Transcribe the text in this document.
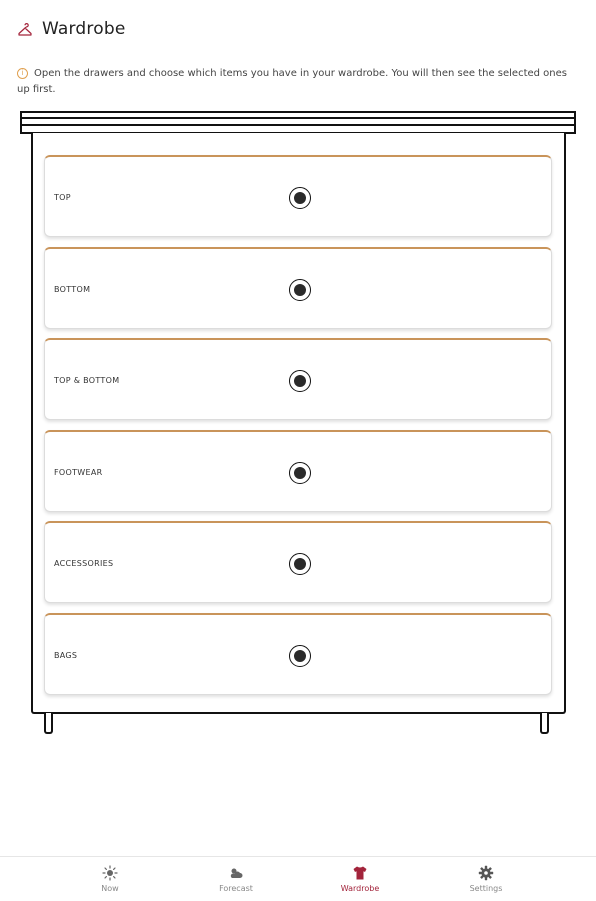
Wardrobe
i Open the drawers and choose which items you have in your wardrobe. You will then see the selected ones up first.
TOP
BOTTOM
TOP & BOTTOM
FOOTWEAR
ACCESSORIES
BAGS
Now	Forecast	Wardrobe	Settings
